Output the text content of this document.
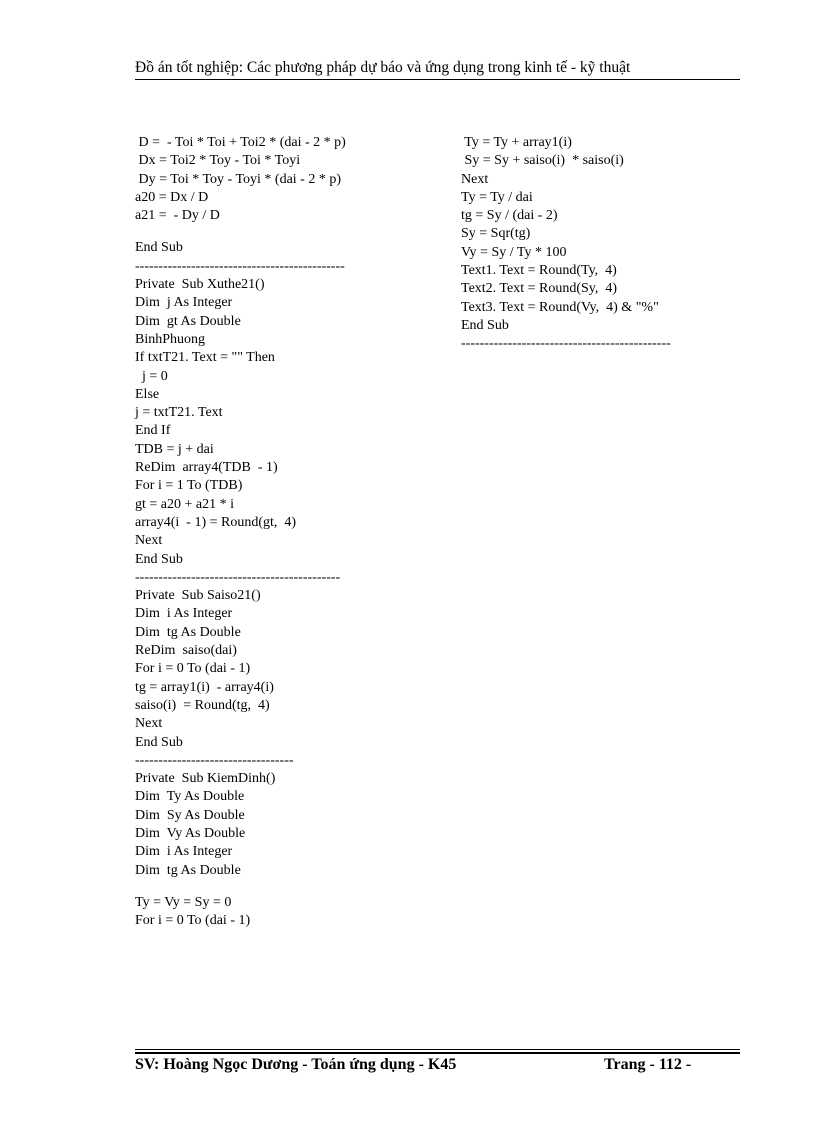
Đồ án tốt nghiệp: Các phương pháp dự báo và ứng dụng trong kinh tế - kỹ thuật
D =  - Toi * Toi + Toi2 * (dai - 2 * p)
Dx = Toi2 * Toy - Toi * Toyi
Dy = Toi * Toy - Toyi * (dai - 2 * p)
a20 = Dx / D
a21 =  - Dy / D
End Sub
---------------------------------------------
Private  Sub Xuthe21()
Dim  j As Integer
Dim  gt As Double
BinhPhuong
If txtT21. Text = "" Then
j = 0
Else
j = txtT21. Text
End If
TDB = j + dai
ReDim  array4(TDB  - 1)
For i = 1 To (TDB)
gt = a20 + a21 * i
array4(i  - 1) = Round(gt,  4)
Next
End Sub
--------------------------------------------
Private  Sub Saiso21()
Dim  i As Integer
Dim  tg As Double
ReDim  saiso(dai)
For i = 0 To (dai - 1)
tg = array1(i)  - array4(i)
saiso(i)  = Round(tg,  4)
Next
End Sub
----------------------------------
Private  Sub KiemDinh()
Dim  Ty As Double
Dim  Sy As Double
Dim  Vy As Double
Dim  i As Integer
Dim  tg As Double
Ty = Vy = Sy = 0
For i = 0 To (dai - 1)
Ty = Ty + array1(i)
Sy = Sy + saiso(i)  * saiso(i)
Next
Ty = Ty / dai
tg = Sy / (dai - 2)
Sy = Sqr(tg)
Vy = Sy / Ty * 100
Text1. Text = Round(Ty,  4)
Text2. Text = Round(Sy,  4)
Text3. Text = Round(Vy,  4) & "%"
End Sub
---------------------------------------------
SV: Hoàng Ngọc Dương - Toán ứng dụng - K45	Trang - 112 -
